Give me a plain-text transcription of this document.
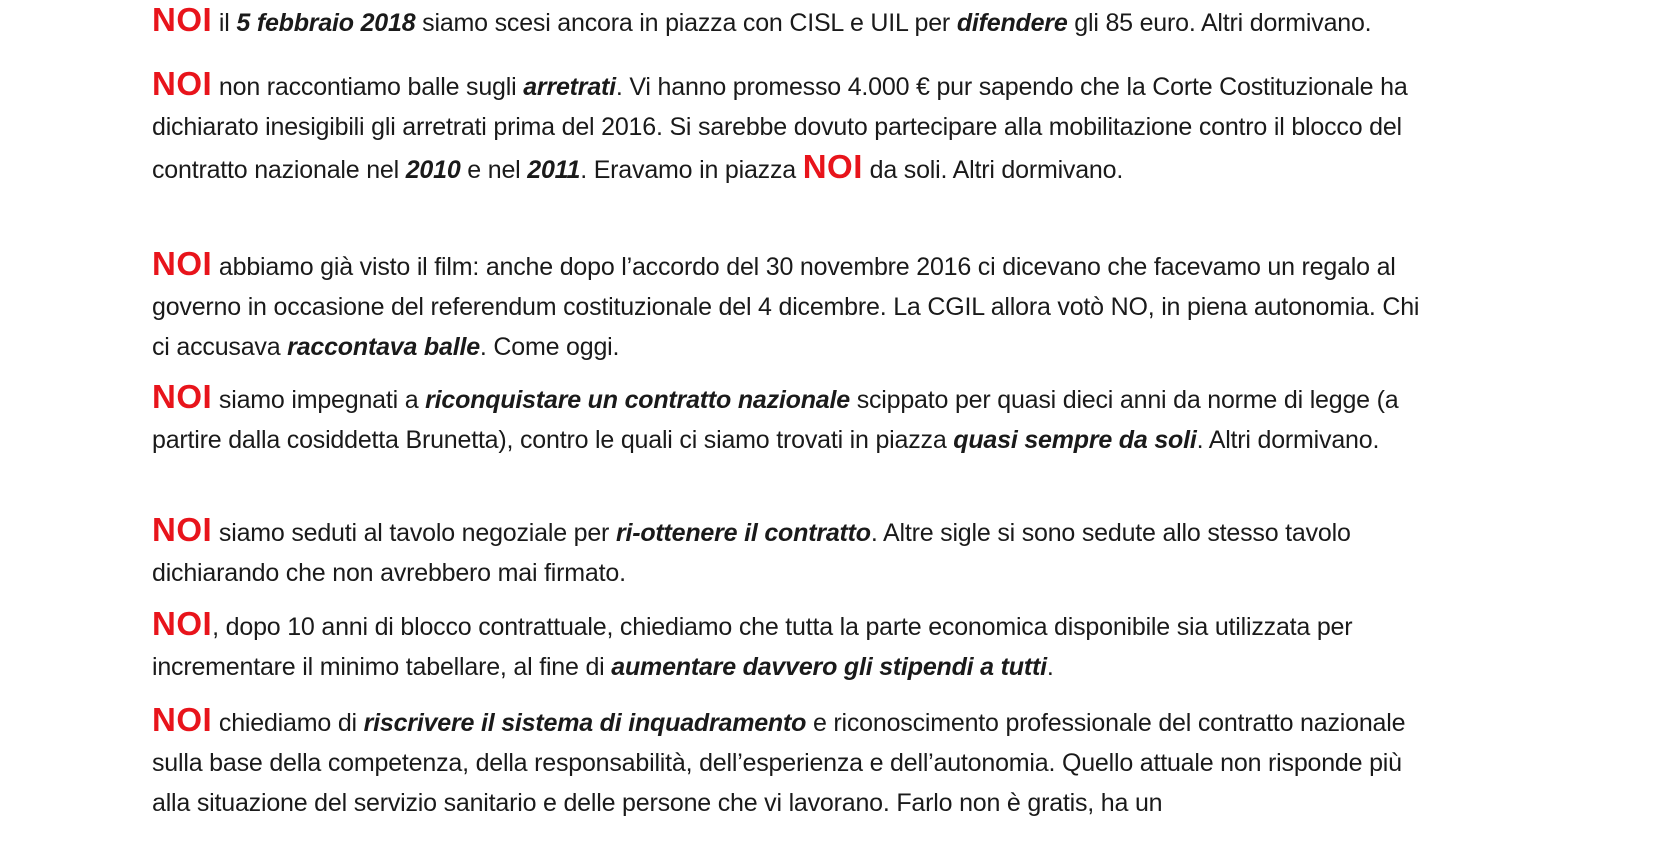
NOI il 5 febbraio 2018 siamo scesi ancora in piazza con CISL e UIL per difendere gli 85 euro. Altri dormivano.

NOI non raccontiamo balle sugli arretrati. Vi hanno promesso 4.000 € pur sapendo che la Corte Costituzionale ha dichiarato inesigibili gli arretrati prima del 2016. Si sarebbe dovuto partecipare alla mobilitazione contro il blocco del contratto nazionale nel 2010 e nel 2011. Eravamo in piazza NOI da soli. Altri dormivano.

NOI abbiamo già visto il film: anche dopo l’accordo del 30 novembre 2016 ci dicevano che facevamo un regalo al governo in occasione del referendum costituzionale del 4 dicembre. La CGIL allora votò NO, in piena autonomia. Chi ci accusava raccontava balle. Come oggi.

NOI siamo impegnati a riconquistare un contratto nazionale scippato per quasi dieci anni da norme di legge (a partire dalla cosiddetta Brunetta), contro le quali ci siamo trovati in piazza quasi sempre da soli. Altri dormivano.

NOI siamo seduti al tavolo negoziale per ri-ottenere il contratto. Altre sigle si sono sedute allo stesso tavolo dichiarando che non avrebbero mai firmato.

NOI, dopo 10 anni di blocco contrattuale, chiediamo che tutta la parte economica disponibile sia utilizzata per incrementare il minimo tabellare, al fine di aumentare davvero gli stipendi a tutti.

NOI chiediamo di riscrivere il sistema di inquadramento e riconoscimento professionale del contratto nazionale sulla base della competenza, della responsabilità, dell’esperienza e dell’autonomia. Quello attuale non risponde più alla situazione del servizio sanitario e delle persone che vi lavorano. Farlo non è gratis, ha un
